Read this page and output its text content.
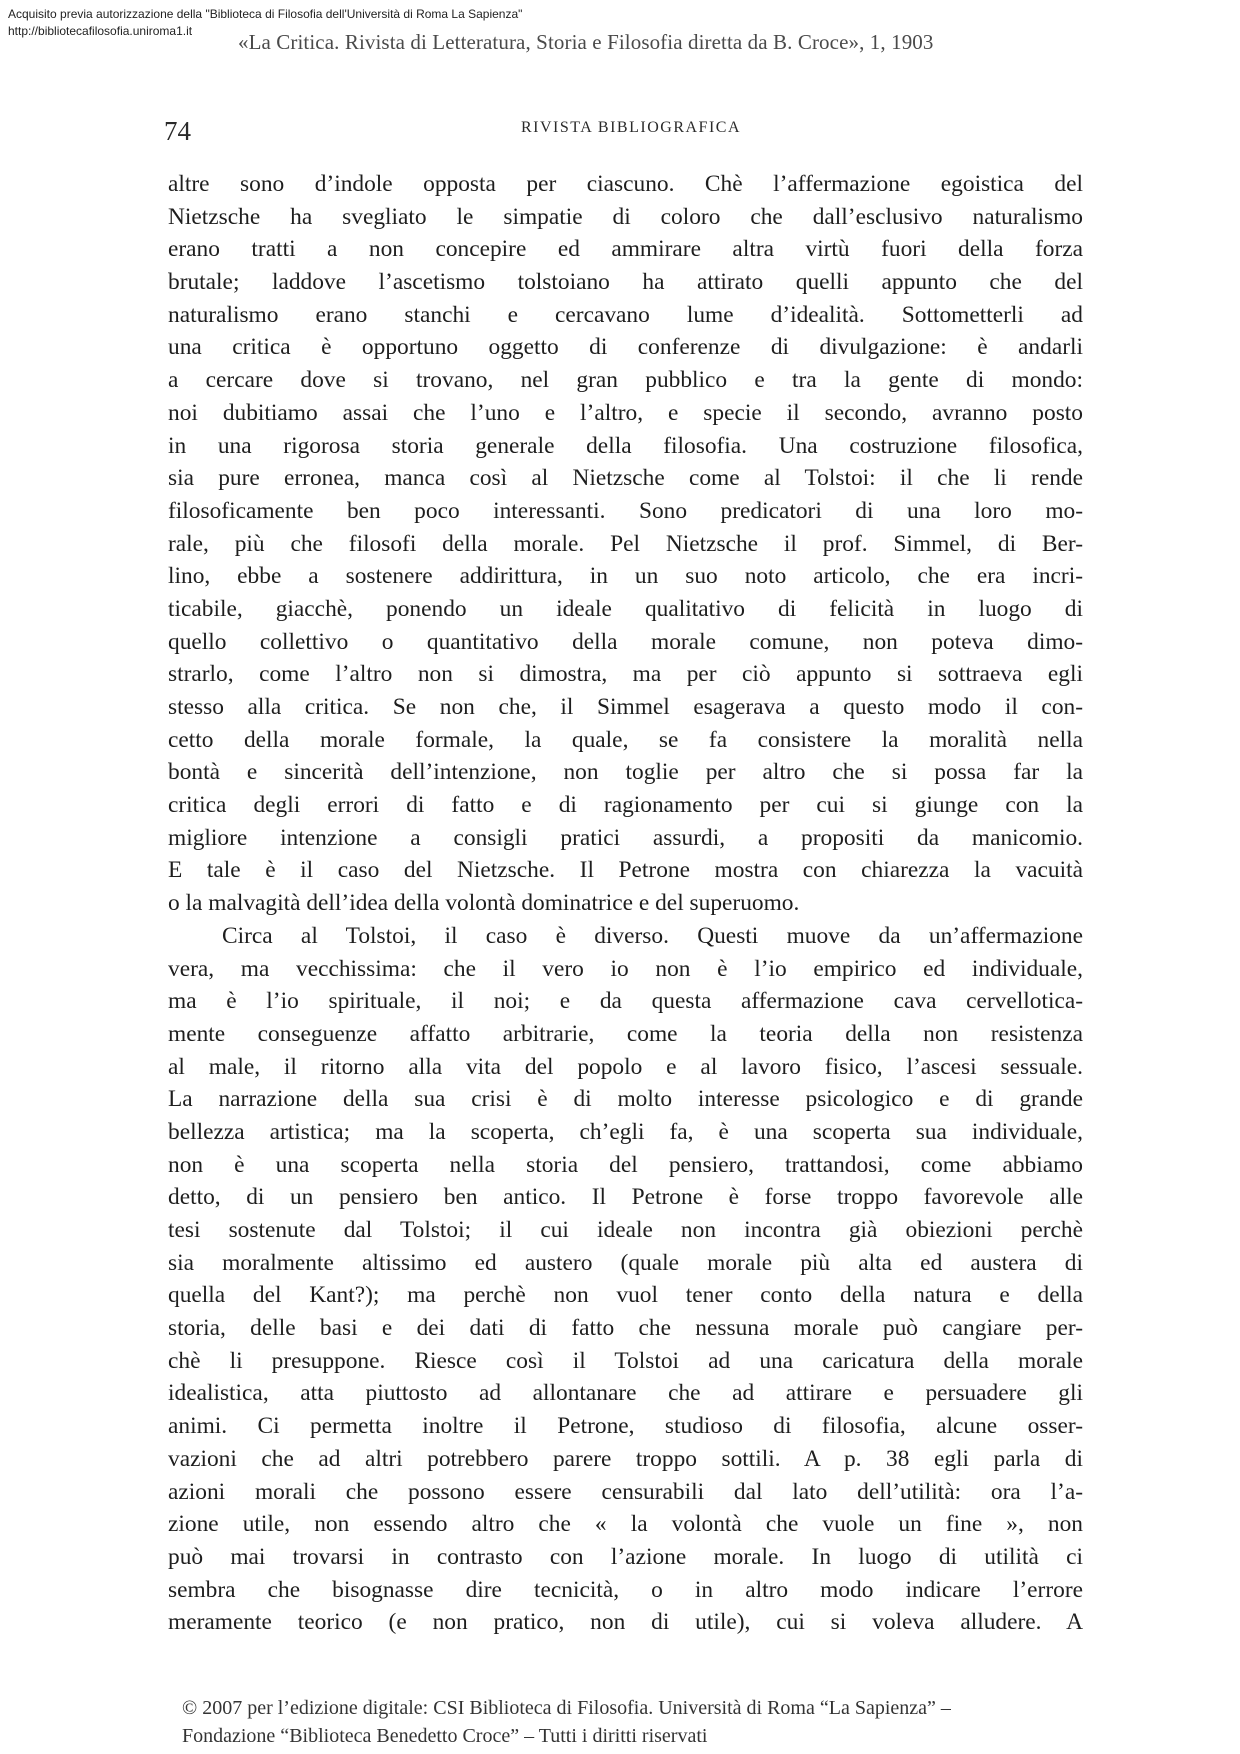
Acquisito previa autorizzazione della "Biblioteca di Filosofia dell'Università di Roma La Sapienza"
http://bibliotecafilosofia.uniroma1.it	«La Critica. Rivista di Letteratura, Storia e Filosofia diretta da B. Croce», 1, 1903
74	RIVISTA BIBLIOGRAFICA
altre sono d’indole opposta per ciascuno. Chè l’affermazione egoistica del
Nietzsche ha svegliato le simpatie di coloro che dall’esclusivo naturalismo
erano tratti a non concepire ed ammirare altra virtù fuori della forza
brutale; laddove l’ascetismo tolstoiano ha attirato quelli appunto che del
naturalismo erano stanchi e cercavano lume d’idealità. Sottometterli ad
una critica è opportuno oggetto di conferenze di divulgazione: è andarli
a cercare dove si trovano, nel gran pubblico e tra la gente di mondo:
noi dubitiamo assai che l’uno e l’altro, e specie il secondo, avranno posto
in una rigorosa storia generale della filosofia. Una costruzione filosofica,
sia pure erronea, manca così al Nietzsche come al Tolstoi: il che li rende
filosoficamente ben poco interessanti. Sono predicatori di una loro mo-
rale, più che filosofi della morale. Pel Nietzsche il prof. Simmel, di Ber-
lino, ebbe a sostenere addirittura, in un suo noto articolo, che era incri-
ticabile, giacchè, ponendo un ideale qualitativo di felicità in luogo di
quello collettivo o quantitativo della morale comune, non poteva dimo-
strarlo, come l’altro non si dimostra, ma per ciò appunto si sottraeva egli
stesso alla critica. Se non che, il Simmel esagerava a questo modo il con-
cetto della morale formale, la quale, se fa consistere la moralità nella
bontà e sincerità dell’intenzione, non toglie per altro che si possa far la
critica degli errori di fatto e di ragionamento per cui si giunge con la
migliore intenzione a consigli pratici assurdi, a propositi da manicomio.
E tale è il caso del Nietzsche. Il Petrone mostra con chiarezza la vacuità
o la malvagità dell’idea della volontà dominatrice e del superuomo.
Circa al Tolstoi, il caso è diverso. Questi muove da un’affermazione
vera, ma vecchissima: che il vero io non è l’io empirico ed individuale,
ma è l’io spirituale, il noi; e da questa affermazione cava cervellotica-
mente conseguenze affatto arbitrarie, come la teoria della non resistenza
al male, il ritorno alla vita del popolo e al lavoro fisico, l’ascesi sessuale.
La narrazione della sua crisi è di molto interesse psicologico e di grande
bellezza artistica; ma la scoperta, ch’egli fa, è una scoperta sua individuale,
non è una scoperta nella storia del pensiero, trattandosi, come abbiamo
detto, di un pensiero ben antico. Il Petrone è forse troppo favorevole alle
tesi sostenute dal Tolstoi; il cui ideale non incontra già obiezioni perchè
sia moralmente altissimo ed austero (quale morale più alta ed austera di
quella del Kant?); ma perchè non vuol tener conto della natura e della
storia, delle basi e dei dati di fatto che nessuna morale può cangiare per-
chè li presuppone. Riesce così il Tolstoi ad una caricatura della morale
idealistica, atta piuttosto ad allontanare che ad attirare e persuadere gli
animi. Ci permetta inoltre il Petrone, studioso di filosofia, alcune osser-
vazioni che ad altri potrebbero parere troppo sottili. A p. 38 egli parla di
azioni morali che possono essere censurabili dal lato dell’utilità: ora l’a-
zione utile, non essendo altro che « la volontà che vuole un fine », non
può mai trovarsi in contrasto con l’azione morale. In luogo di utilità ci
sembra che bisognasse dire tecnicità, o in altro modo indicare l’errore
meramente teorico (e non pratico, non di utile), cui si voleva alludere. A
© 2007 per l’edizione digitale: CSI Biblioteca di Filosofia. Università di Roma “La Sapienza” –
Fondazione “Biblioteca Benedetto Croce” – Tutti i diritti riservati
